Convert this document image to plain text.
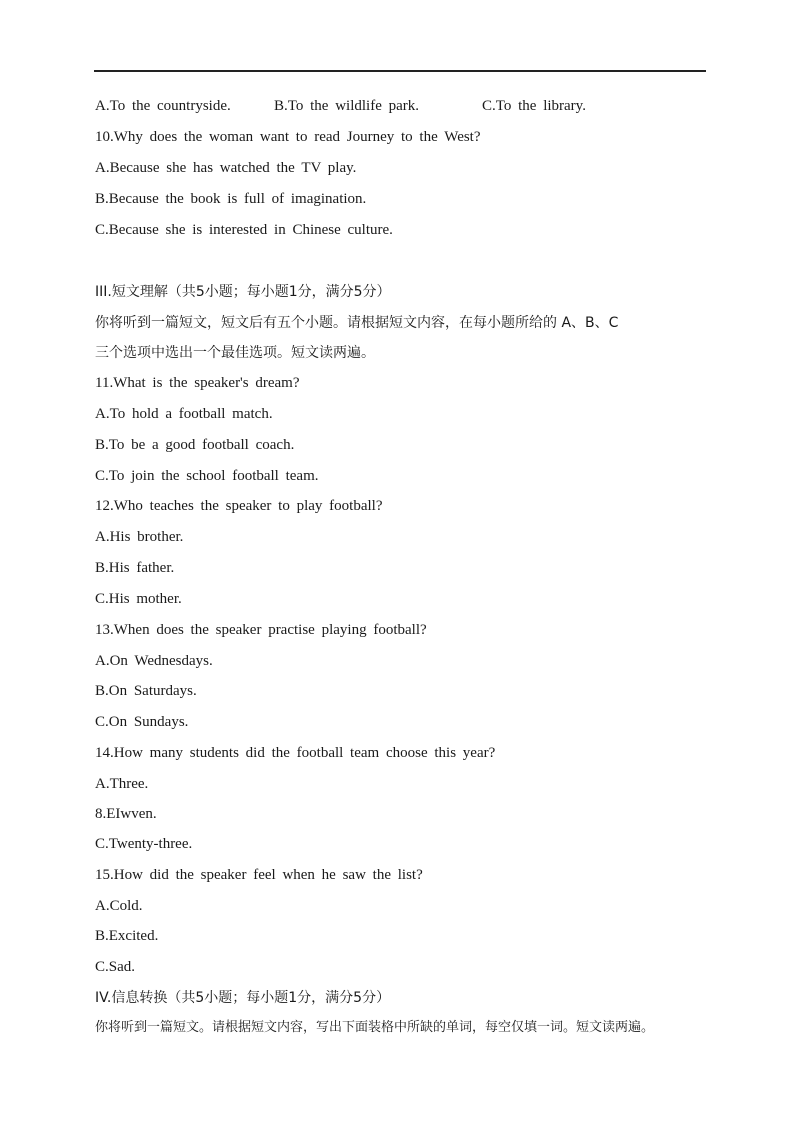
A.To the countryside.	B.To the wildlife park.	C.To the library.
10.Why does the woman want to read Journey to the West?
A.Because she has watched the TV play.
B.Because the book is full of imagination.
C.Because she is interested in Chinese culture.
III.短文理解（共5小题；每小题1分，满分5分）
你将听到一篇短文，短文后有五个小题。请根据短文内容，在每小题所给的 A、B、C
三个选项中选出一个最佳选项。短文读两遍。
11.What is the speaker's dream?
A.To hold a football match.
B.To be a good football coach.
C.To join the school football team.
12.Who teaches the speaker to play football?
A.His brother.
B.His father.
C.His mother.
13.When does the speaker practise playing football?
A.On Wednesdays.
B.On Saturdays.
C.On Sundays.
14.How many students did the football team choose this year?
A.Three.
8.EIwven.
C.Twenty-three.
15.How did the speaker feel when he saw the list?
A.Cold.
B.Excited.
C.Sad.
IV.信息转换（共5小题；每小题1分，满分5分）
你将听到一篇短文。请根据短文内容，写出下面装格中所缺的单词，每空仅填一词。短文读两遍。
